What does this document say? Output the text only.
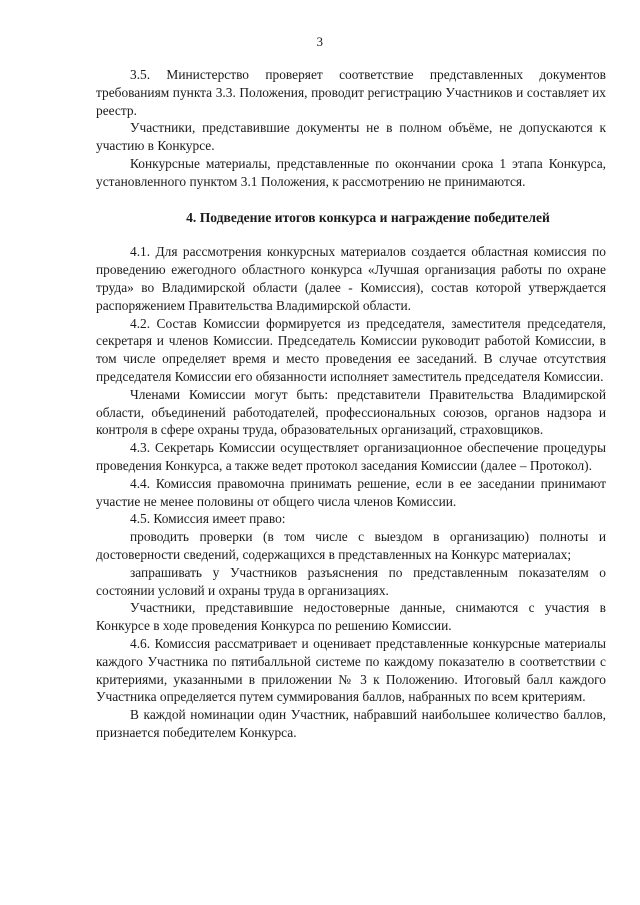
3

3.5. Министерство проверяет соответствие представленных документов требованиям пункта 3.3. Положения, проводит регистрацию Участников и составляет их реестр.

Участники, представившие документы не в полном объёме, не допускаются к участию в Конкурсе.

Конкурсные материалы, представленные по окончании срока 1 этапа Конкурса, установленного пунктом 3.1 Положения, к рассмотрению не принимаются.

4. Подведение итогов конкурса и награждение победителей

4.1. Для рассмотрения конкурсных материалов создается областная комиссия по проведению ежегодного областного конкурса «Лучшая организация работы по охране труда» во Владимирской области (далее - Комиссия), состав которой утверждается распоряжением Правительства Владимирской области.

4.2. Состав Комиссии формируется из председателя, заместителя председателя, секретаря и членов Комиссии. Председатель Комиссии руководит работой Комиссии, в том числе определяет время и место проведения ее заседаний. В случае отсутствия председателя Комиссии его обязанности исполняет заместитель председателя Комиссии.

Членами Комиссии могут быть: представители Правительства Владимирской области, объединений работодателей, профессиональных союзов, органов надзора и контроля в сфере охраны труда, образовательных организаций, страховщиков.

4.3. Секретарь Комиссии осуществляет организационное обеспечение процедуры проведения Конкурса, а также ведет протокол заседания Комиссии (далее – Протокол).

4.4. Комиссия правомочна принимать решение, если в ее заседании принимают участие не менее половины от общего числа членов Комиссии.

4.5. Комиссия имеет право:

проводить проверки (в том числе с выездом в организацию) полноты и достоверности сведений, содержащихся в представленных на Конкурс материалах;

запрашивать у Участников разъяснения по представленным показателям о состоянии условий и охраны труда в организациях.

Участники, представившие недостоверные данные, снимаются с участия в Конкурсе в ходе проведения Конкурса по решению Комиссии.

4.6. Комиссия рассматривает и оценивает представленные конкурсные материалы каждого Участника по пятибалльной системе по каждому показателю в соответствии с критериями, указанными в приложении № 3 к Положению. Итоговый балл каждого Участника определяется путем суммирования баллов, набранных по всем критериям.

В каждой номинации один Участник, набравший наибольшее количество баллов, признается победителем Конкурса.
